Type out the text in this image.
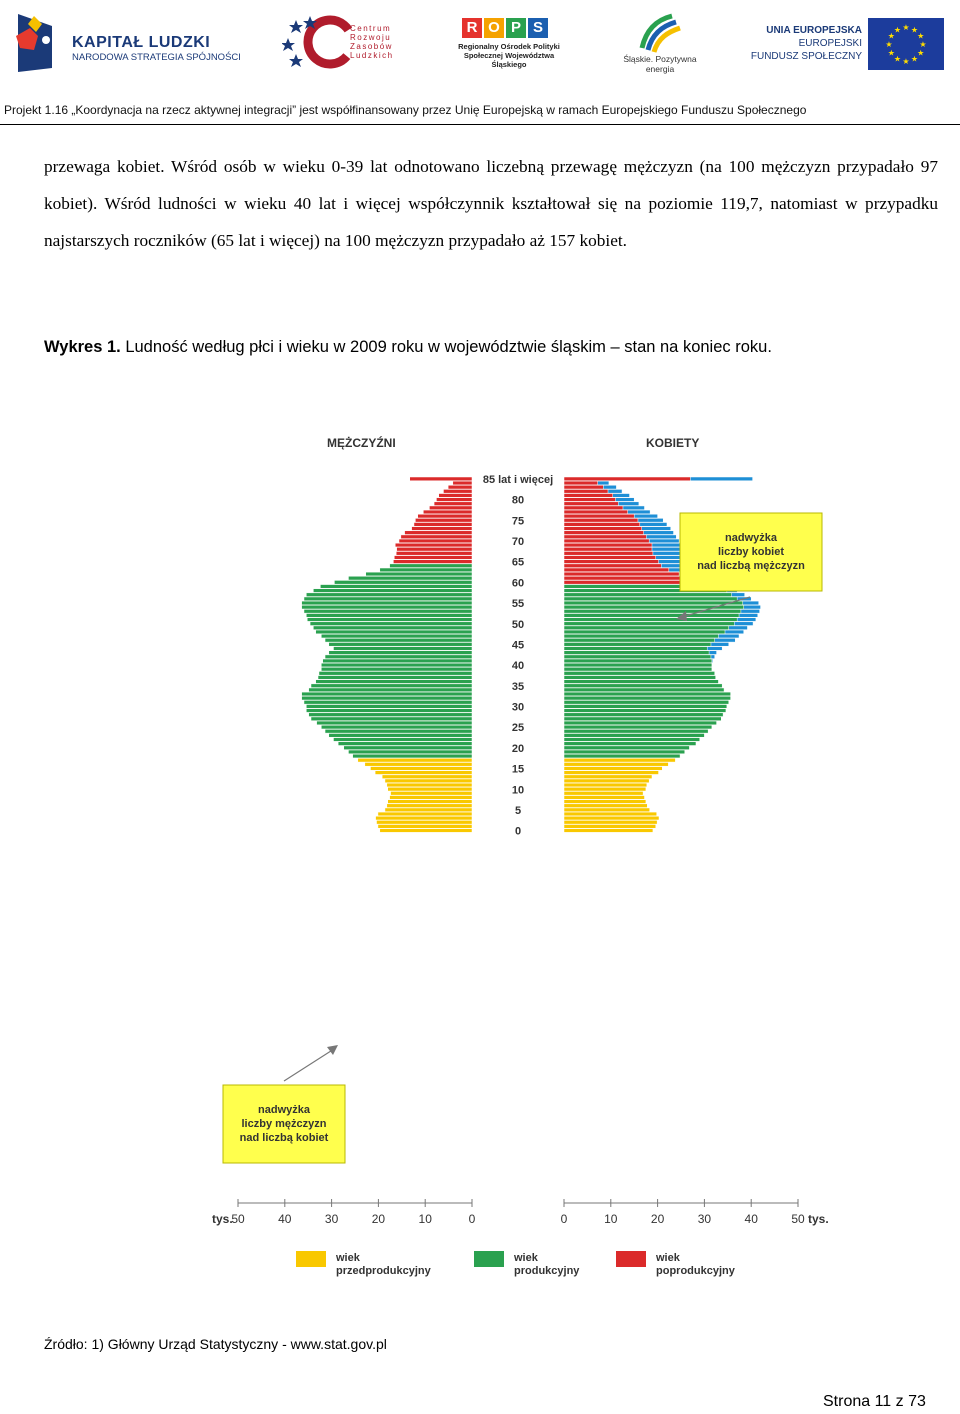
KAPITAŁ LUDZKI
NARODOWA STRATEGIA SPÓJNOŚCI
Centrum Rozwoju Zasobów Ludzkich
R O P S
Regionalny Ośrodek Polityki Społecznej Województwa Śląskiego
Śląskie. Pozytywna energia
UNIA EUROPEJSKA
EUROPEJSKI
FUNDUSZ SPOŁECZNY
★
★
★
★
★
★
★
★
★ ★ ★
★
Projekt 1.16 „Koordynacja na rzecz aktywnej integracji” jest współfinansowany przez Unię Europejską w ramach Europejskiego Funduszu Społecznego
przewaga kobiet. Wśród osób w wieku 0-39 lat odnotowano liczebną przewagę mężczyzn (na 100 mężczyzn przypadało 97 kobiet). Wśród ludności w wieku 40 lat i więcej współczynnik kształtował się na poziomie 119,7, natomiast w przypadku najstarszych roczników (65 lat i więcej) na 100 mężczyzn przypadało aż 157 kobiet.
Wykres 1. Ludność według płci i wieku w 2009 roku w województwie śląskim – stan na koniec roku.
MĘŻCZYŹNI	KOBIETY
85 lat i więcej
80
75
70
65
60
55
50
45
40
35
30
25
20
15
10
5
0
50	40	30	20	10	0	0	10	20	30	40	50
tys.	tys.
nadwyżka
liczby kobiet
nad liczbą mężczyzn
nadwyżka
liczby mężczyzn
nad liczbą kobiet
wiek
przedprodukcyjny
wiek
produkcyjny
wiek
poprodukcyjny
Źródło: 1) Główny Urząd Statystyczny - www.stat.gov.pl
Strona 11 z 73
